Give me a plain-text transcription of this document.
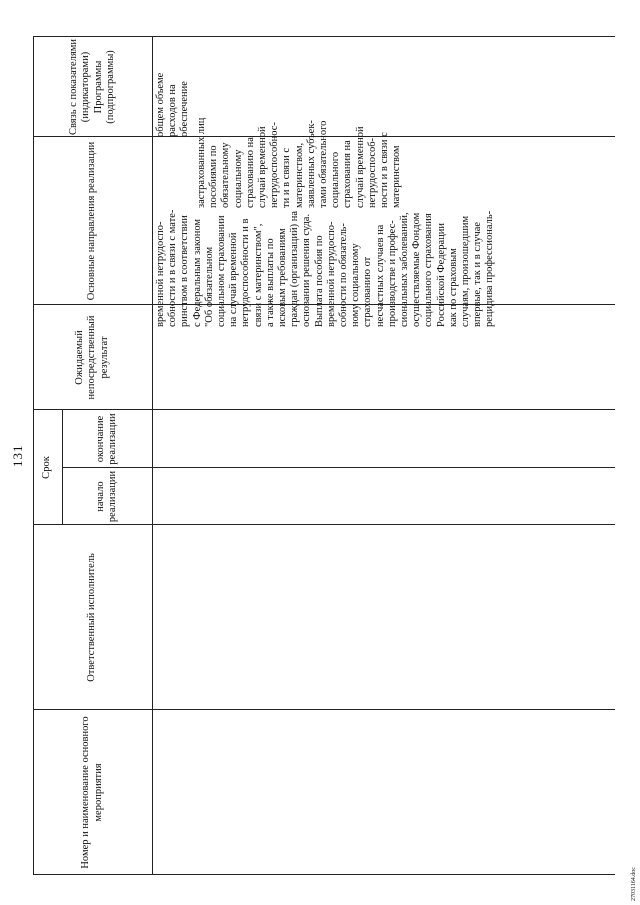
131
Номер и наименование основного мероприятия
Ответственный исполнитель
Срок
начало реализации
окончание реализации
Ожидаемый непосредственный результат
Основные направления реализации
Связь с показателями (индикаторами) Программы (подпрограммы)
временной нетрудоспо-
собности и в связи с мате-
ринством в соответствии
с Федеральным законом
"Об обязательном
социальном страховании
на случай временной
нетрудоспособности и в
связи с материнством",
а также выплаты по
исковым требованиям
граждан (организаций) на
основании решения суда.
Выплата пособия по
временной нетрудоспо-
собности по обязатель-
ному социальному
страхованию от
несчастных случаев на
производстве и профес-
сиональных заболеваний,
осуществляемые Фондом
социального страхования
Российской Федерации
как по страховым
случаям, произошедшим
впервые, так и в случае
рецидива профессиональ-
застрахованных лиц
пособиями по
обязательному
социальному
страхованию на
случай временной
нетрудоспособнос-
ти и в связи с
материнством,
заявленных субъек-
тами обязательного
социального
страхования на
случай временной
нетрудоспособ-
ности и в связи с
материнством
общем объеме
расходов на
обеспечение
27031164.doc
